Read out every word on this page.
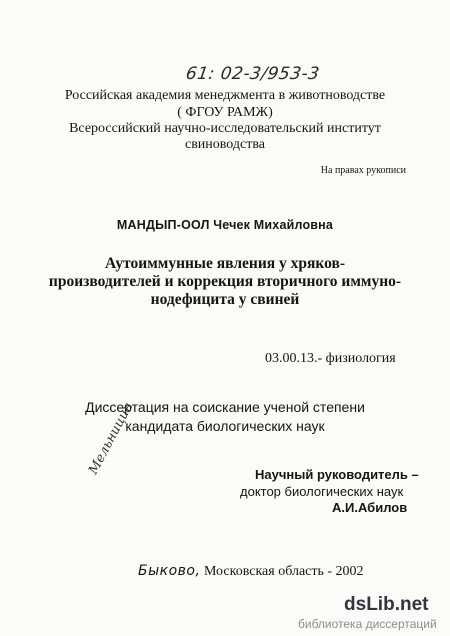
61: 02-3/953-3
Российская академия менеджмента в животноводстве
( ФГОУ РАМЖ)
Всероссийский научно-исследовательский институт
свиноводства
На правах рукописи
МАНДЫП-ООЛ Чечек Михайловна
Аутоиммунные явления у хряков-
производителей и коррекция вторичного иммуно-
нодефицита у свиней
03.00.13.- физиология
Диссертация на соискание ученой степени
кандидата биологических наук
Научный руководитель –
доктор биологических наук
А.И.Абилов
Мельницин
Быково, Московская область - 2002
dsLib.net
библиотека диссертаций
